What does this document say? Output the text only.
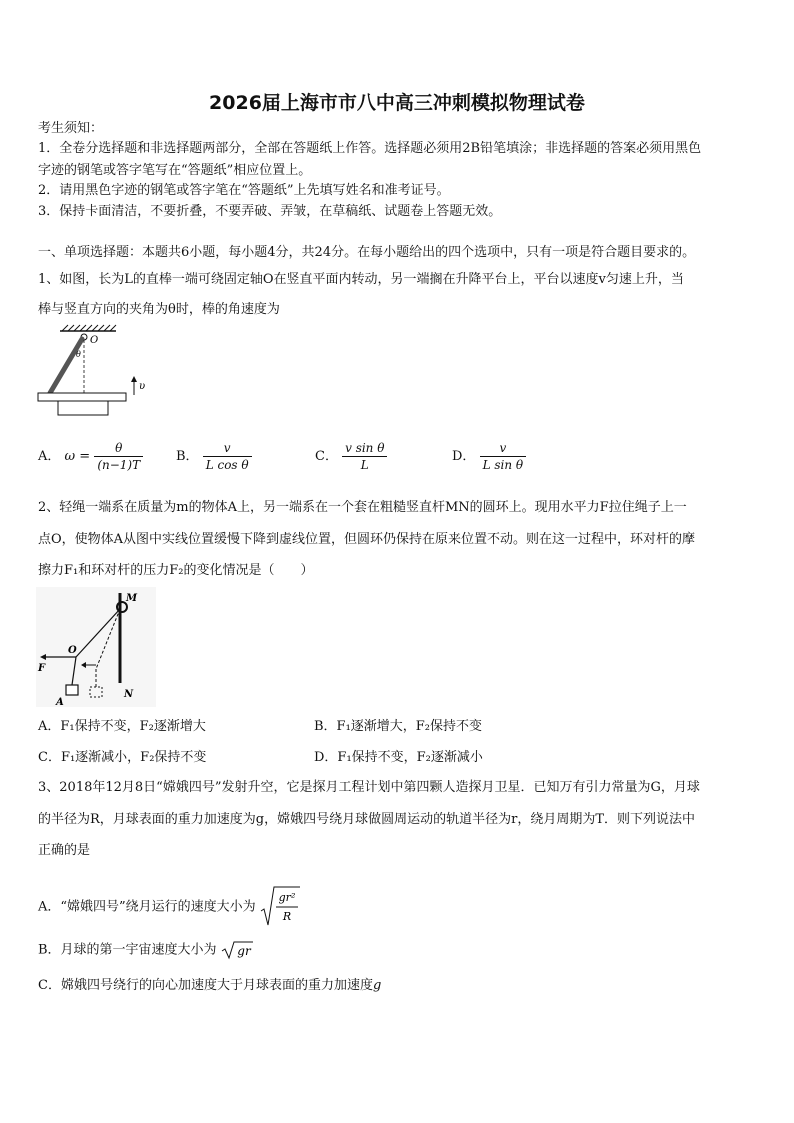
2026届上海市市八中高三冲刺模拟物理试卷
考生须知：
1．全卷分选择题和非选择题两部分，全部在答题纸上作答。选择题必须用2B铅笔填涂；非选择题的答案必须用黑色
字迹的钢笔或答字笔写在“答题纸”相应位置上。
2．请用黑色字迹的钢笔或答字笔在“答题纸”上先填写姓名和准考证号。
3．保持卡面清洁，不要折叠，不要弄破、弄皱，在草稿纸、试题卷上答题无效。
一、单项选择题：本题共6小题，每小题4分，共24分。在每小题给出的四个选项中，只有一项是符合题目要求的。
1、如图，长为L的直棒一端可绕固定轴O在竖直平面内转动，另一端搁在升降平台上，平台以速度v匀速上升，当
棒与竖直方向的夹角为θ时，棒的角速度为
O
θ
υ
A． $\omega = \frac{\theta}{(n-1)T}$	B． $\frac{v}{\text{L cos θ}}$	C． $\frac{\text{v sin θ}}{L}$	D． $\frac{v}{\text{L sin θ}}$
2、轻绳一端系在质量为m的物体A上，另一端系在一个套在粗糙竖直杆MN的圆环上。现用水平力F拉住绳子上一
点O，使物体A从图中实线位置缓慢下降到虚线位置，但圆环仍保持在原来位置不动。则在这一过程中，环对杆的摩
擦力F₁和环对杆的压力F₂的变化情况是（　　）
M
N
O
F
A
A．F₁保持不变，F₂逐渐增大	B．F₁逐渐增大，F₂保持不变
C．F₁逐渐减小，F₂保持不变	D．F₁保持不变，F₂逐渐减小
3、2018年12月8日“嫦娥四号”发射升空，它是探月工程计划中第四颗人造探月卫星．已知万有引力常量为G，月球
的半径为R，月球表面的重力加速度为g，嫦娥四号绕月球做圆周运动的轨道半径为r，绕月周期为T．则下列说法中
正确的是
A．“嫦娥四号”绕月运行的速度大小为
gr²
R
B．月球的第一宇宙速度大小为 gr
C．嫦娥四号绕行的向心加速度大于月球表面的重力加速度g
